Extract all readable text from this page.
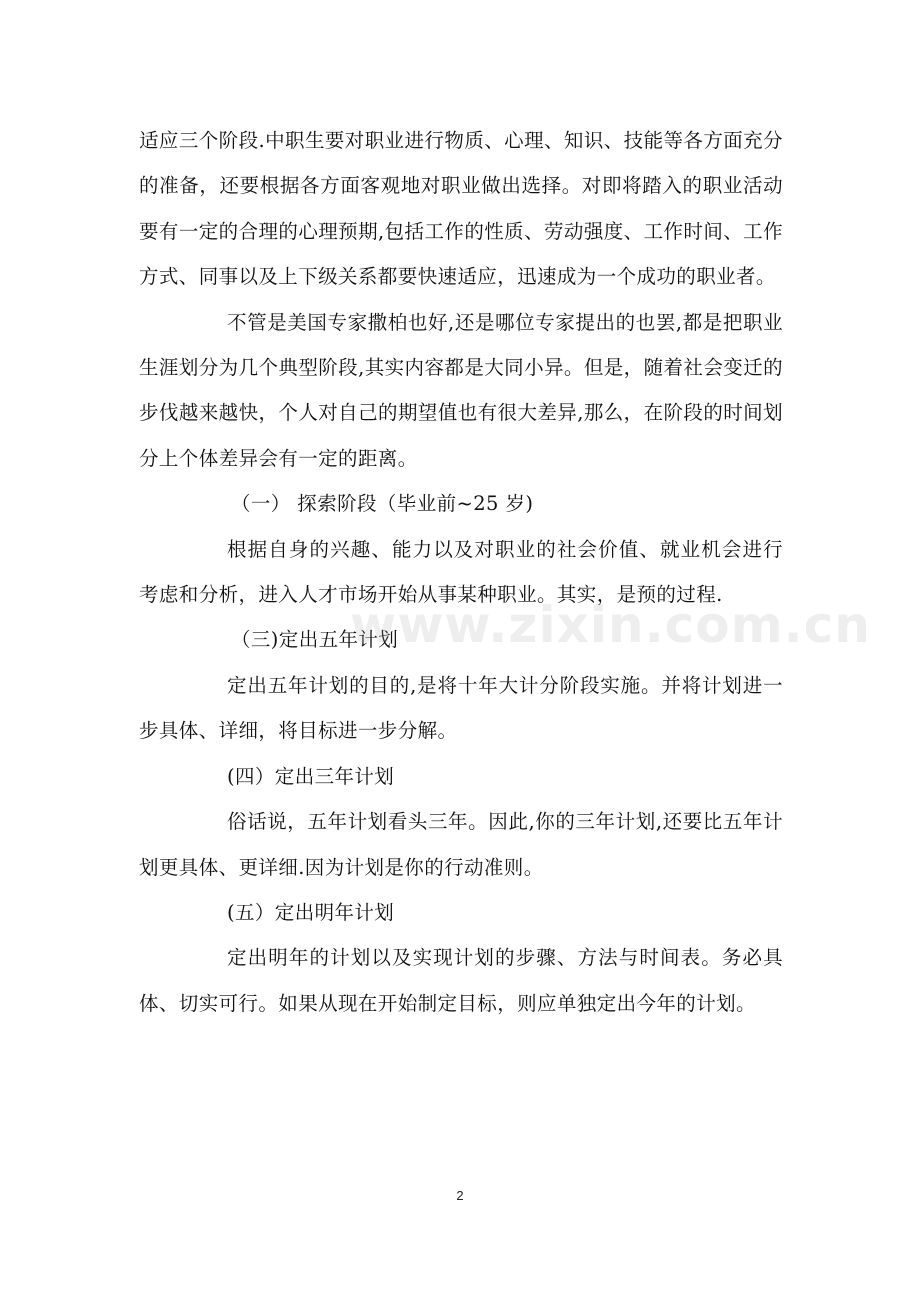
适应三个阶段.中职生要对职业进行物质、心理、知识、技能等各方面充分的准备，还要根据各方面客观地对职业做出选择。对即将踏入的职业活动要有一定的合理的心理预期,包括工作的性质、劳动强度、工作时间、工作方式、同事以及上下级关系都要快速适应，迅速成为一个成功的职业者。

不管是美国专家撒柏也好,还是哪位专家提出的也罢,都是把职业生涯划分为几个典型阶段,其实内容都是大同小异。但是，随着社会变迁的步伐越来越快，个人对自己的期望值也有很大差异,那么，在阶段的时间划分上个体差异会有一定的距离。

（一） 探索阶段（毕业前~25 岁)

根据自身的兴趣、能力以及对职业的社会价值、就业机会进行考虑和分析，进入人才市场开始从事某种职业。其实，是预的过程.

（三)定出五年计划

定出五年计划的目的,是将十年大计分阶段实施。并将计划进一步具体、详细，将目标进一步分解。

(四）定出三年计划

俗话说，五年计划看头三年。因此,你的三年计划,还要比五年计划更具体、更详细.因为计划是你的行动准则。

(五）定出明年计划

定出明年的计划以及实现计划的步骤、方法与时间表。务必具体、切实可行。如果从现在开始制定目标，则应单独定出今年的计划。

www.zixin.com.cn
2
